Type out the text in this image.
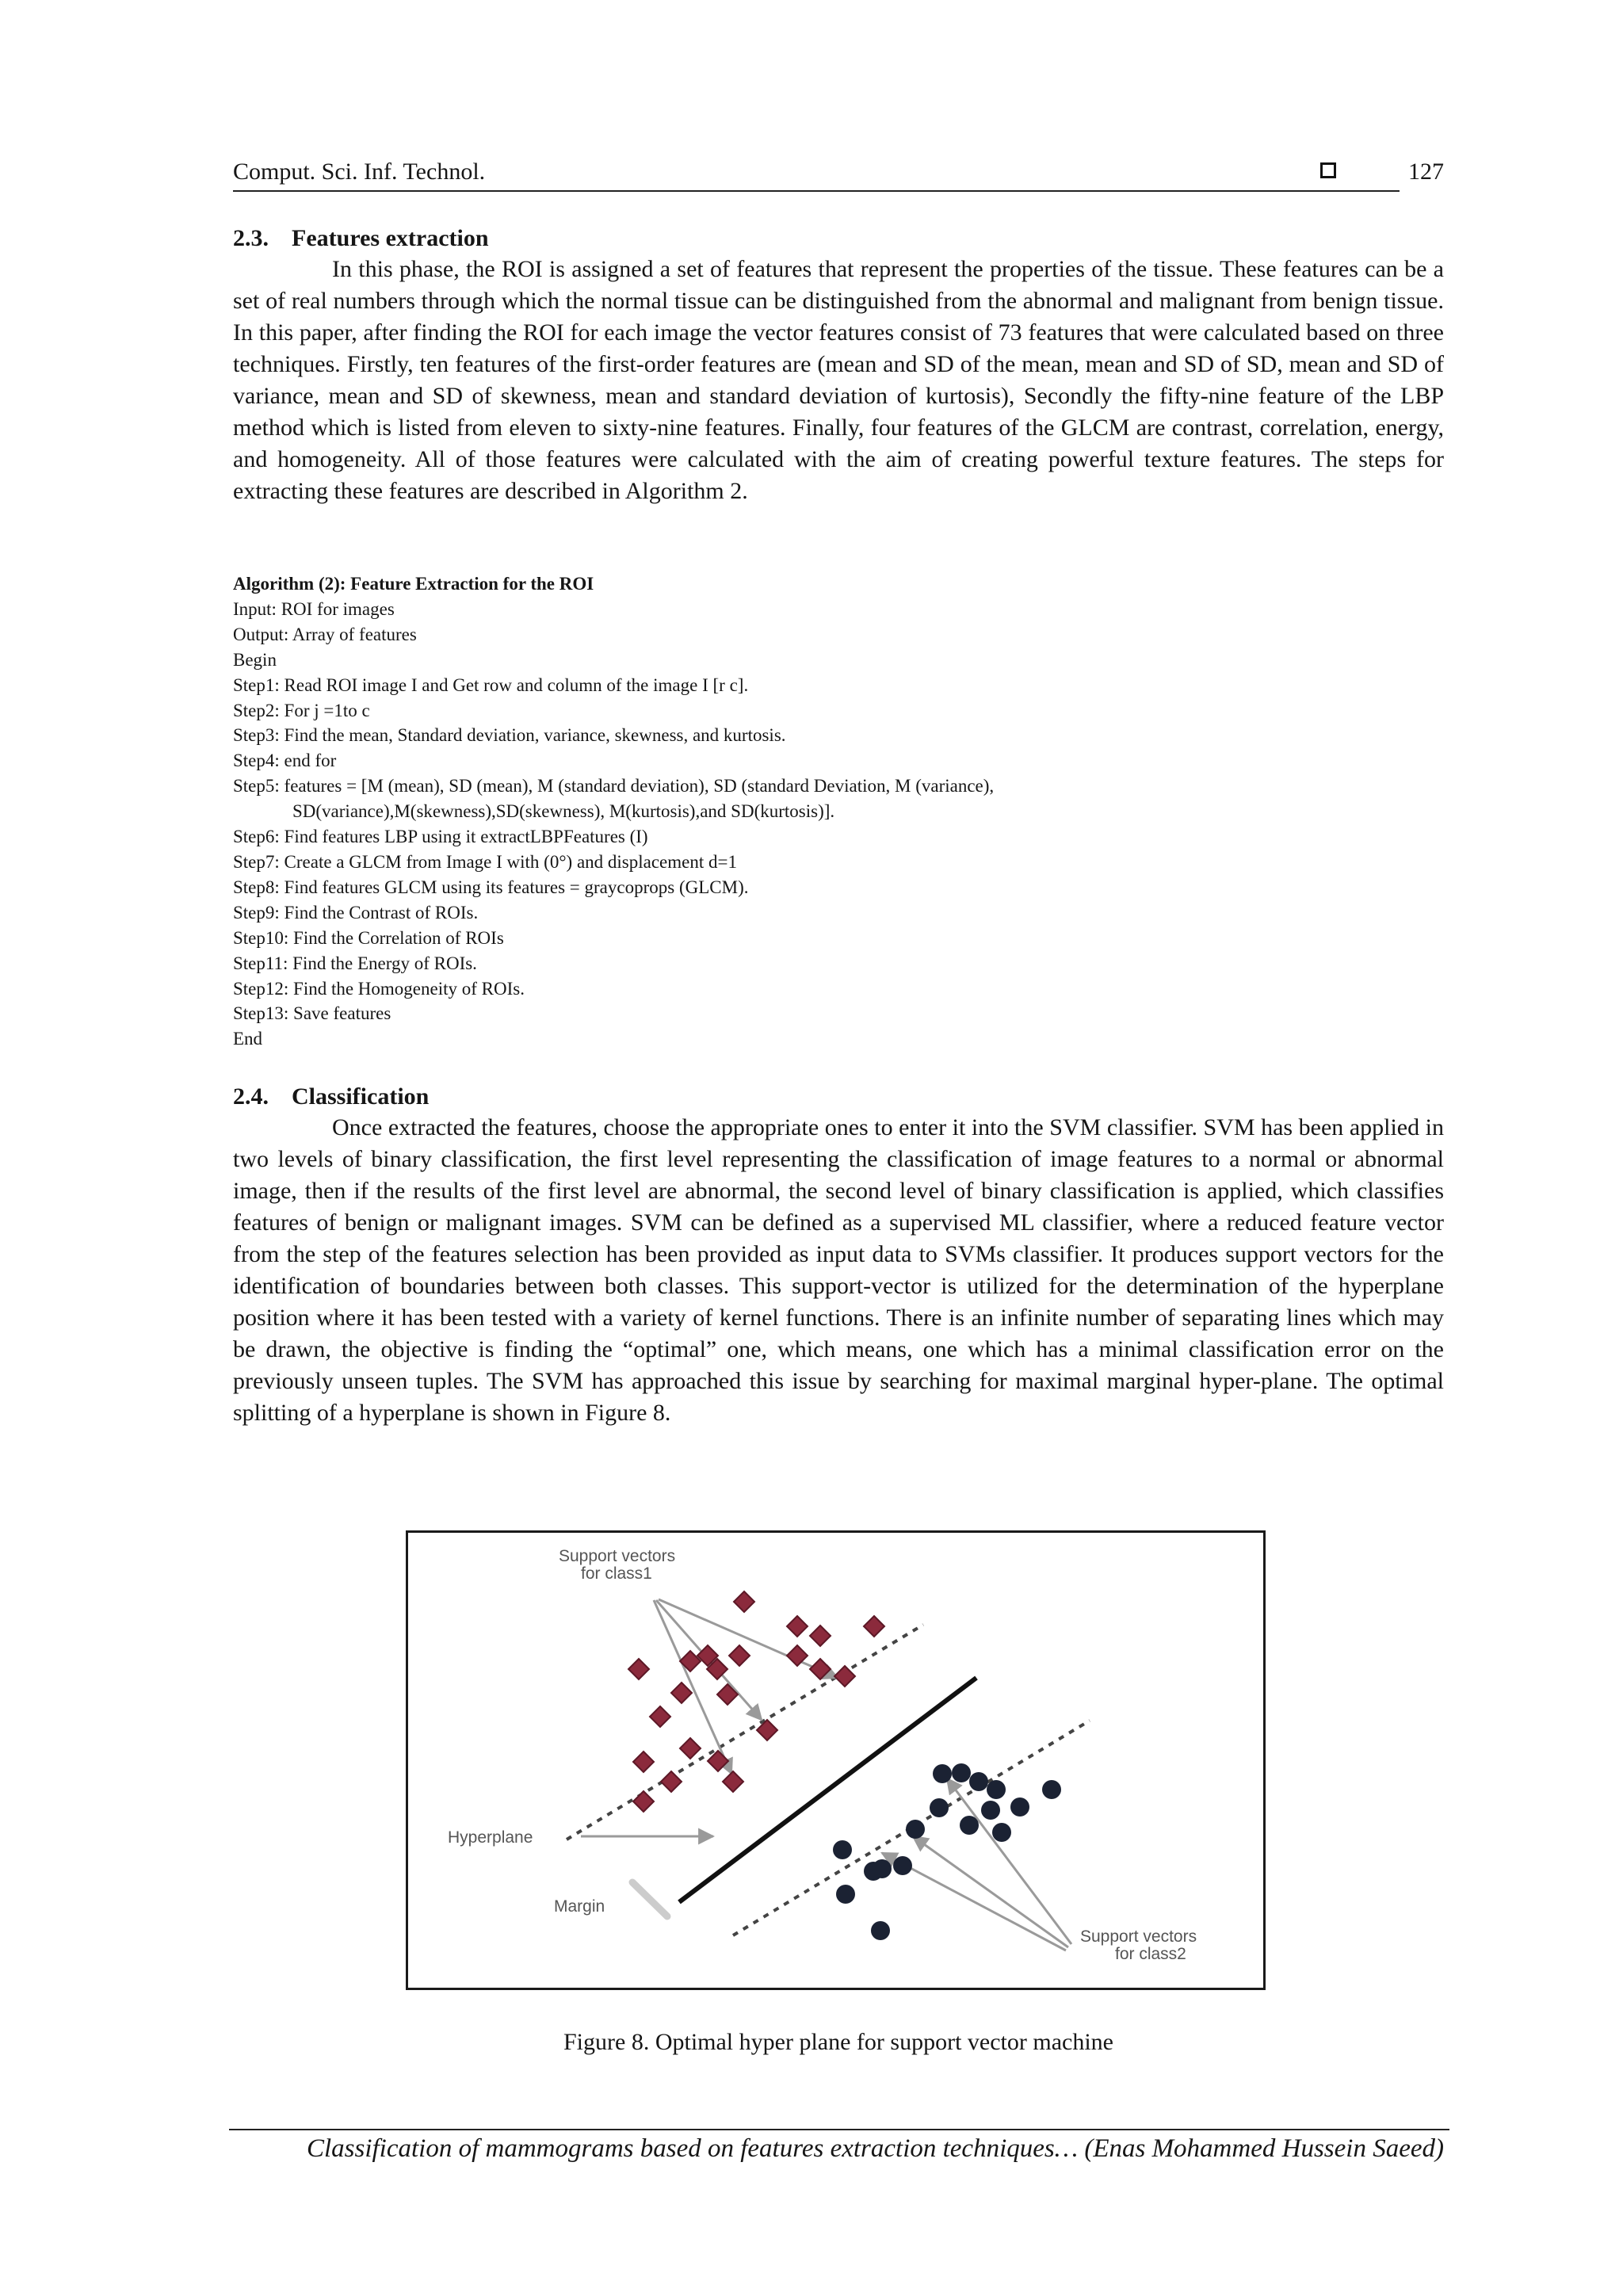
Comput. Sci. Inf. Technol.	127
2.3. Features extraction
In this phase, the ROI is assigned a set of features that represent the properties of the tissue. These features can be a set of real numbers through which the normal tissue can be distinguished from the abnormal and malignant from benign tissue. In this paper, after finding the ROI for each image the vector features consist of 73 features that were calculated based on three techniques. Firstly, ten features of the first-order features are (mean and SD of the mean, mean and SD of SD, mean and SD of variance, mean and SD of skewness, mean and standard deviation of kurtosis), Secondly the fifty-nine feature of the LBP method which is listed from eleven to sixty-nine features. Finally, four features of the GLCM are contrast, correlation, energy, and homogeneity. All of those features were calculated with the aim of creating powerful texture features. The steps for extracting these features are described in Algorithm 2.
Algorithm (2): Feature Extraction for the ROI
Input: ROI for images
Output: Array of features
Begin
Step1: Read ROI image I and Get row and column of the image I [r c].
Step2: For j =1to c
Step3: Find the mean, Standard deviation, variance, skewness, and kurtosis.
Step4: end for
Step5: features = [M (mean), SD (mean), M (standard deviation), SD (standard Deviation, M (variance),
SD(variance),M(skewness),SD(skewness), M(kurtosis),and SD(kurtosis)].
Step6: Find features LBP using it extractLBPFeatures (I)
Step7: Create a GLCM from Image I with (0°) and displacement d=1
Step8: Find features GLCM using its features = graycoprops (GLCM).
Step9: Find the Contrast of ROIs.
Step10: Find the Correlation of ROIs
Step11: Find the Energy of ROIs.
Step12: Find the Homogeneity of ROIs.
Step13: Save features
End
2.4. Classification
Once extracted the features, choose the appropriate ones to enter it into the SVM classifier. SVM has been applied in two levels of binary classification, the first level representing the classification of image features to a normal or abnormal image, then if the results of the first level are abnormal, the second level of binary classification is applied, which classifies features of benign or malignant images. SVM can be defined as a supervised ML classifier, where a reduced feature vector from the step of the features selection has been provided as input data to SVMs classifier. It produces support vectors for the identification of boundaries between both classes. This support-vector is utilized for the determination of the hyperplane position where it has been tested with a variety of kernel functions. There is an infinite number of separating lines which may be drawn, the objective is finding the “optimal” one, which means, one which has a minimal classification error on the previously unseen tuples. The SVM has approached this issue by searching for maximal marginal hyper-plane. The optimal splitting of a hyperplane is shown in Figure 8.
Support vectors
for class1
Hyperplane
Margin
Support vectors
for class2
Figure 8. Optimal hyper plane for support vector machine
Classification of mammograms based on features extraction techniques… (Enas Mohammed Hussein Saeed)
